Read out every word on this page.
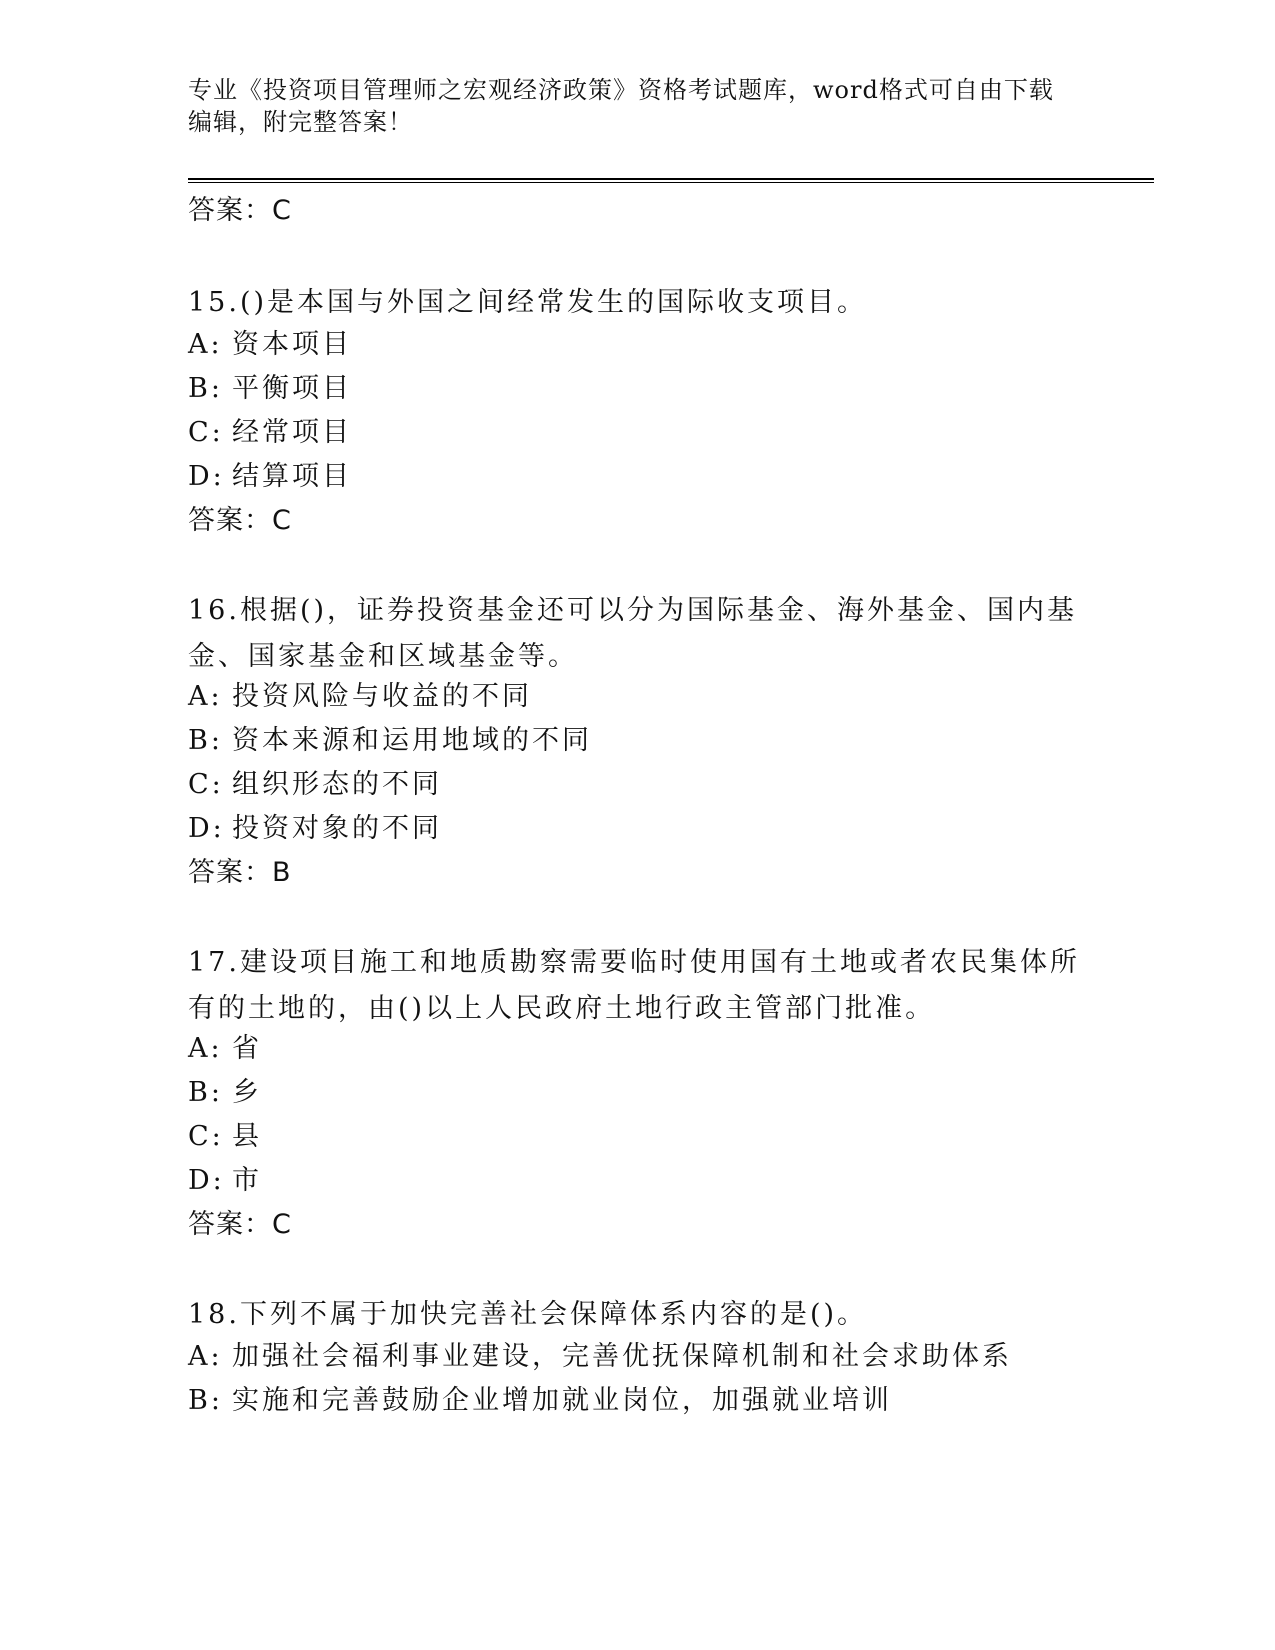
专业《投资项目管理师之宏观经济政策》资格考试题库，word格式可自由下载编辑，附完整答案！
答案：C
15.()是本国与外国之间经常发生的国际收支项目。
A: 资本项目
B: 平衡项目
C: 经常项目
D: 结算项目
答案：C
16.根据()，证券投资基金还可以分为国际基金、海外基金、国内基金、国家基金和区域基金等。
A: 投资风险与收益的不同
B: 资本来源和运用地域的不同
C: 组织形态的不同
D: 投资对象的不同
答案：B
17.建设项目施工和地质勘察需要临时使用国有土地或者农民集体所有的土地的，由()以上人民政府土地行政主管部门批准。
A: 省
B: 乡
C: 县
D: 市
答案：C
18.下列不属于加快完善社会保障体系内容的是()。
A: 加强社会福利事业建设，完善优抚保障机制和社会求助体系
B: 实施和完善鼓励企业增加就业岗位，加强就业培训
